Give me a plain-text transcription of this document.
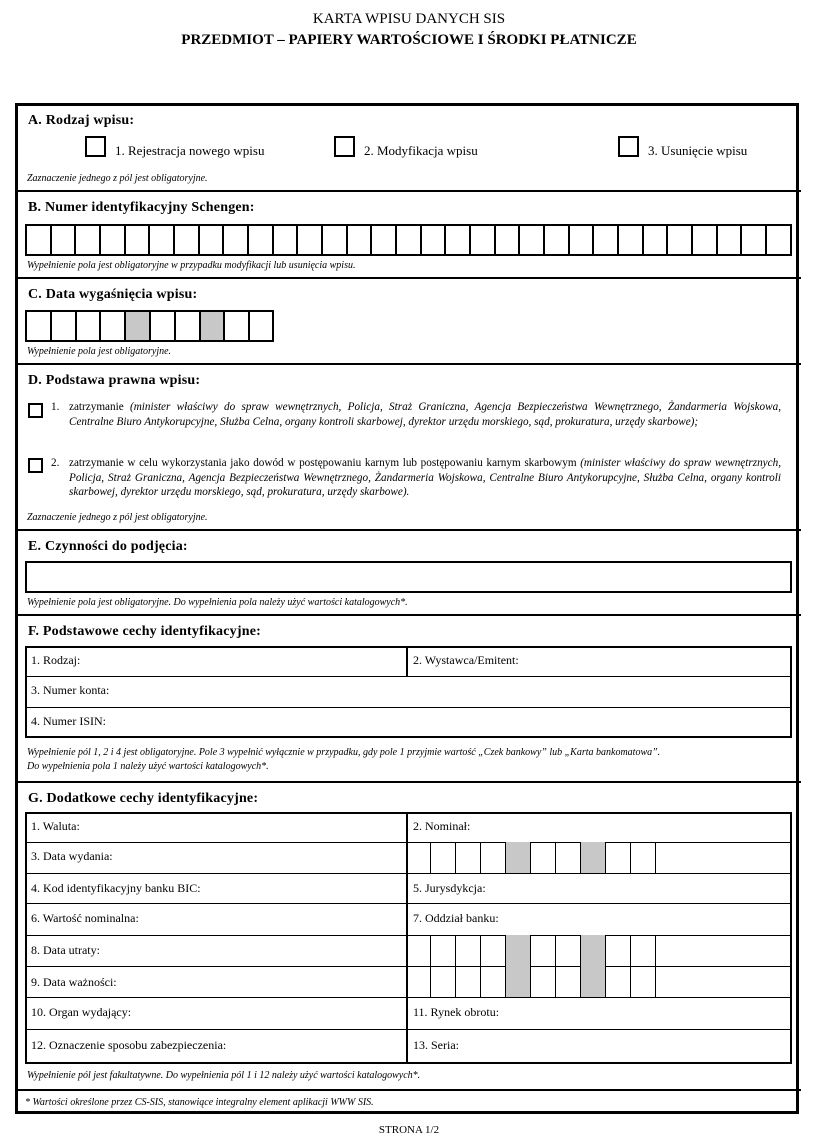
KARTA WPISU DANYCH SIS
PRZEDMIOT – PAPIERY WARTOŚCIOWE I ŚRODKI PŁATNICZE
A. Rodzaj wpisu:
1. Rejestracja nowego wpisu	2. Modyfikacja wpisu	3. Usunięcie wpisu
Zaznaczenie jednego z pól jest obligatoryjne.
B. Numer identyfikacyjny Schengen:
Wypełnienie pola jest obligatoryjne w przypadku modyfikacji lub usunięcia wpisu.
C. Data wygaśnięcia wpisu:
Wypełnienie pola jest obligatoryjne.
D. Podstawa prawna wpisu:
1. zatrzymanie (minister właściwy do spraw wewnętrznych, Policja, Straż Graniczna, Agencja Bezpieczeństwa Wewnętrznego, Żandarmeria Wojskowa, Centralne Biuro Antykorupcyjne, Służba Celna, organy kontroli skarbowej, dyrektor urzędu morskiego, sąd, prokuratura, urzędy skarbowe);
2. zatrzymanie w celu wykorzystania jako dowód w postępowaniu karnym lub postępowaniu karnym skarbowym (minister właściwy do spraw wewnętrznych, Policja, Straż Graniczna, Agencja Bezpieczeństwa Wewnętrznego, Żandarmeria Wojskowa, Centralne Biuro Antykorupcyjne, Służba Celna, organy kontroli skarbowej, dyrektor urzędu morskiego, sąd, prokuratura, urzędy skarbowe).
Zaznaczenie jednego z pól jest obligatoryjne.
E. Czynności do podjęcia:
Wypełnienie pola jest obligatoryjne. Do wypełnienia pola należy użyć wartości katalogowych*.
F. Podstawowe cechy identyfikacyjne:
1. Rodzaj:	2. Wystawca/Emitent:
3. Numer konta:
4. Numer ISIN:
Wypełnienie pól 1, 2 i 4 jest obligatoryjne. Pole 3 wypełnić wyłącznie w przypadku, gdy pole 1 przyjmie wartość „Czek bankowy” lub „Karta bankomatowa”.
Do wypełnienia pola 1 należy użyć wartości katalogowych*.
G. Dodatkowe cechy identyfikacyjne:
1. Waluta:	2. Nominał:
3. Data wydania:
4. Kod identyfikacyjny banku BIC:	5. Jurysdykcja:
6. Wartość nominalna:	7. Oddział banku:
8. Data utraty:
9. Data ważności:
10. Organ wydający:	11. Rynek obrotu:
12. Oznaczenie sposobu zabezpieczenia:	13. Seria:
Wypełnienie pól jest fakultatywne. Do wypełnienia pól 1 i 12 należy użyć wartości katalogowych*.
* Wartości określone przez CS-SIS, stanowiące integralny element aplikacji WWW SIS.
STRONA 1/2
